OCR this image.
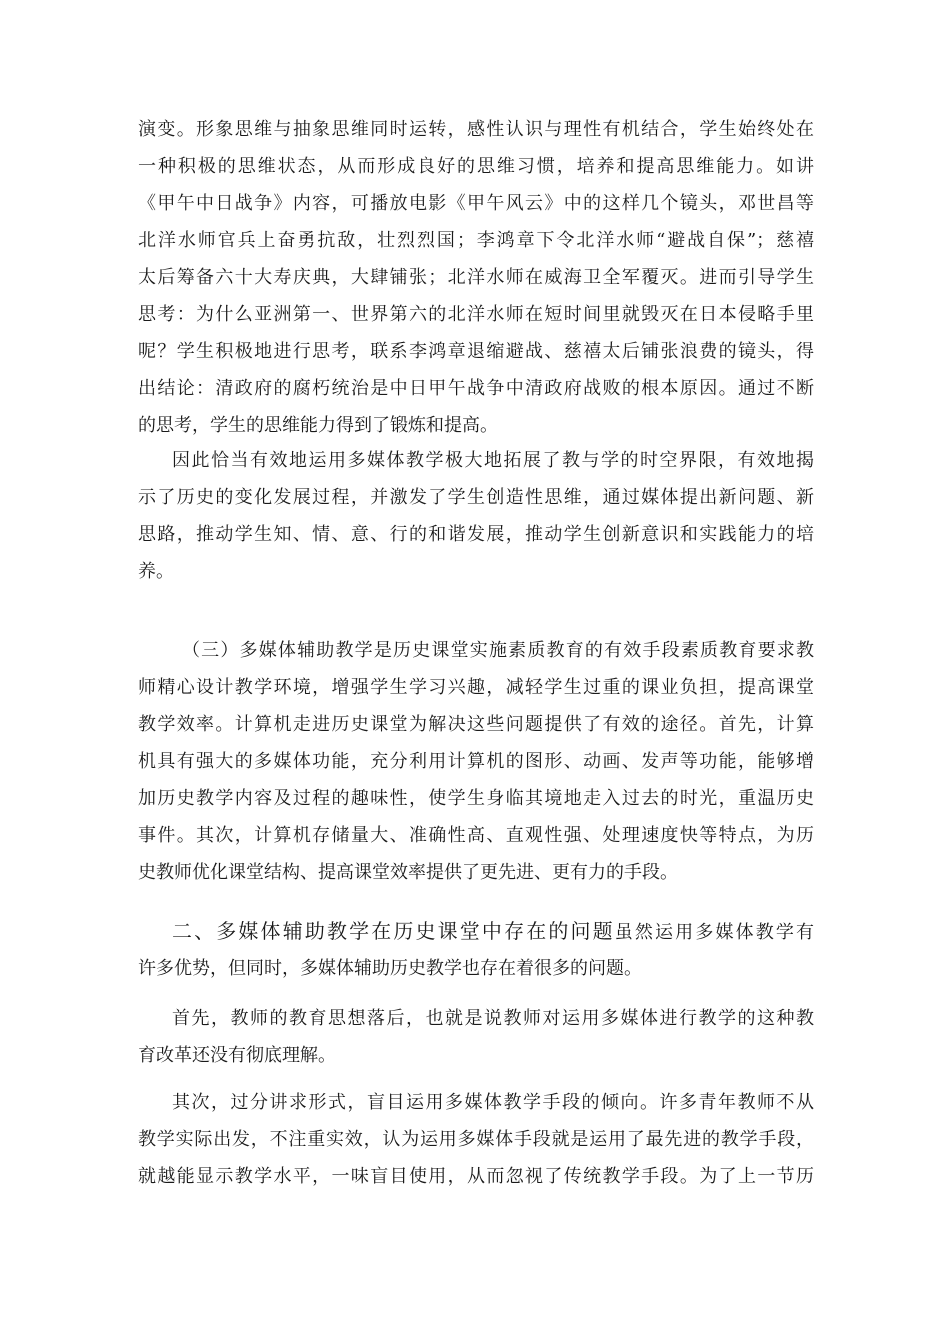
演变。形象思维与抽象思维同时运转，感性认识与理性有机结合，学生始终处在
一种积极的思维状态，从而形成良好的思维习惯，培养和提高思维能力。如讲
《甲午中日战争》内容，可播放电影《甲午风云》中的这样几个镜头，邓世昌等
北洋水师官兵上奋勇抗敌，壮烈烈国；李鸿章下令北洋水师“避战自保”；慈禧
太后筹备六十大寿庆典，大肆铺张；北洋水师在威海卫全军覆灭。进而引导学生
思考：为什么亚洲第一、世界第六的北洋水师在短时间里就毁灭在日本侵略手里
呢？学生积极地进行思考，联系李鸿章退缩避战、慈禧太后铺张浪费的镜头，得
出结论：清政府的腐朽统治是中日甲午战争中清政府战败的根本原因。通过不断
的思考，学生的思维能力得到了锻炼和提高。
因此恰当有效地运用多媒体教学极大地拓展了教与学的时空界限，有效地揭
示了历史的变化发展过程，并激发了学生创造性思维，通过媒体提出新问题、新
思路，推动学生知、情、意、行的和谐发展，推动学生创新意识和实践能力的培
养。
（三）多媒体辅助教学是历史课堂实施素质教育的有效手段素质教育要求教
师精心设计教学环境，增强学生学习兴趣，减轻学生过重的课业负担，提高课堂
教学效率。计算机走进历史课堂为解决这些问题提供了有效的途径。首先，计算
机具有强大的多媒体功能，充分利用计算机的图形、动画、发声等功能，能够增
加历史教学内容及过程的趣味性，使学生身临其境地走入过去的时光，重温历史
事件。其次，计算机存储量大、准确性高、直观性强、处理速度快等特点，为历
史教师优化课堂结构、提高课堂效率提供了更先进、更有力的手段。
二、多媒体辅助教学在历史课堂中存在的问题虽然运用多媒体教学有
许多优势，但同时，多媒体辅助历史教学也存在着很多的问题。
首先，教师的教育思想落后，也就是说教师对运用多媒体进行教学的这种教
育改革还没有彻底理解。
其次，过分讲求形式，盲目运用多媒体教学手段的倾向。许多青年教师不从
教学实际出发，不注重实效，认为运用多媒体手段就是运用了最先进的教学手段，
就越能显示教学水平，一味盲目使用，从而忽视了传统教学手段。为了上一节历
